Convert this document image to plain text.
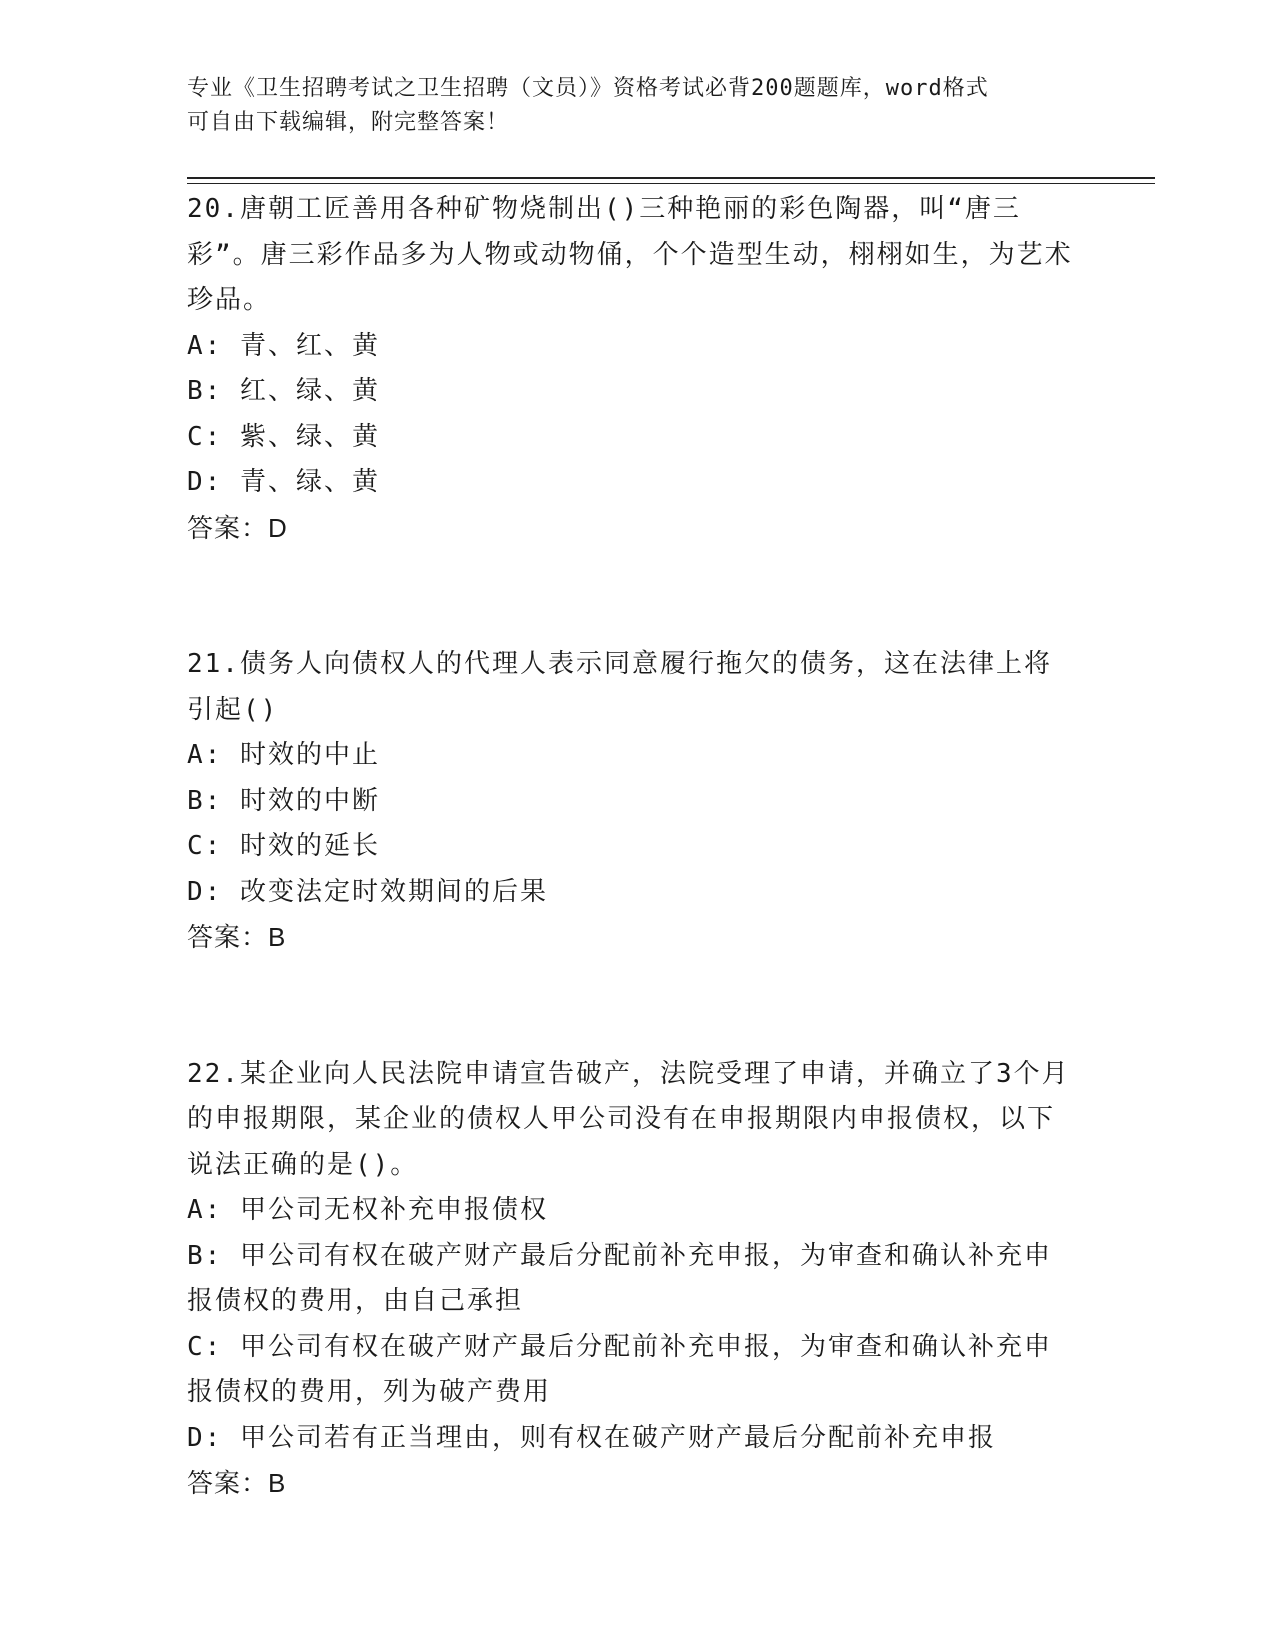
专业《卫生招聘考试之卫生招聘（文员）》资格考试必背200题题库，word格式
可自由下载编辑，附完整答案！

20.唐朝工匠善用各种矿物烧制出()三种艳丽的彩色陶器，叫“唐三彩”。唐三彩作品多为人物或动物俑，个个造型生动，栩栩如生，为艺术珍品。

A: 青、红、黄

B: 红、绿、黄

C: 紫、绿、黄

D: 青、绿、黄

答案：D

21.债务人向债权人的代理人表示同意履行拖欠的债务，这在法律上将引起()

A: 时效的中止

B: 时效的中断

C: 时效的延长

D: 改变法定时效期间的后果

答案：B

22.某企业向人民法院申请宣告破产，法院受理了申请，并确立了3个月的申报期限，某企业的债权人甲公司没有在申报期限内申报债权，以下说法正确的是()。

A: 甲公司无权补充申报债权

B: 甲公司有权在破产财产最后分配前补充申报，为审查和确认补充申报债权的费用，由自己承担

C: 甲公司有权在破产财产最后分配前补充申报，为审查和确认补充申报债权的费用，列为破产费用

D: 甲公司若有正当理由，则有权在破产财产最后分配前补充申报

答案：B
